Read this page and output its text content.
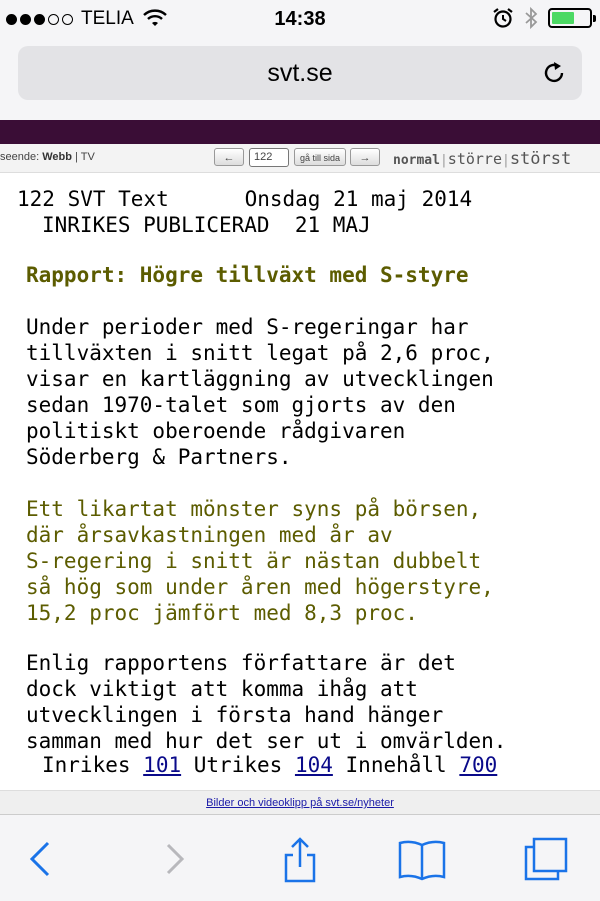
TELIA	14:38
svt.se
seende: Webb | TV	←	122	gå till sida	→	normal|större|störst

122 SVT Text      Onsdag 21 maj 2014

INRIKES PUBLICERAD  21 MAJ

Rapport: Högre tillväxt med S-styre

Under perioder med S-regeringar har

tillväxten i snitt legat på 2,6 proc,

visar en kartläggning av utvecklingen

sedan 1970-talet som gjorts av den

politiskt oberoende rådgivaren

Söderberg & Partners.

Ett likartat mönster syns på börsen,

där årsavkastningen med år av

S-regering i snitt är nästan dubbelt

så hög som under åren med högerstyre,

15,2 proc jämfört med 8,3 proc.

Enlig rapportens författare är det

dock viktigt att komma ihåg att

utvecklingen i första hand hänger

samman med hur det ser ut i omvärlden.

Inrikes 101 Utrikes 104 Innehåll 700

Bilder och videoklipp på svt.se/nyheter
